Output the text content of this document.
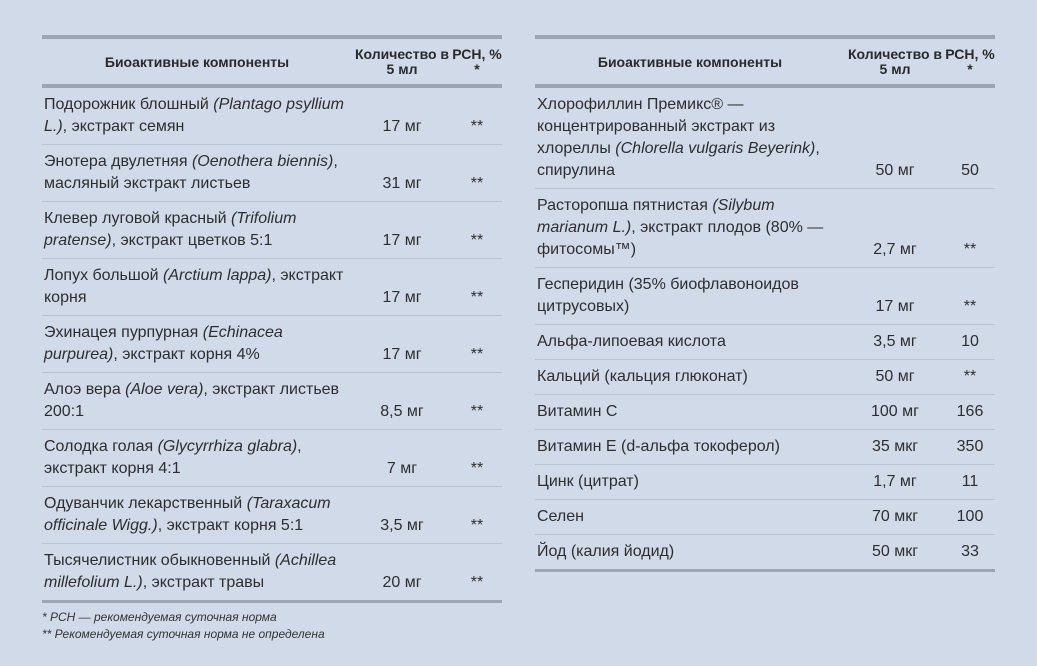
Биоактивные компоненты	Количество в 5 мл	РСН, % *
Подорожник блошный (Plantago psyllium L.), экстракт семян	17 мг	**
Энотера двулетняя (Oenothera biennis), масляный экстракт листьев	31 мг	**
Клевер луговой красный (Trifolium pratense), экстракт цветков 5:1	17 мг	**
Лопух большой (Arctium lappa), экстракт корня	17 мг	**
Эхинацея пурпурная (Echinacea purpurea), экстракт корня 4%	17 мг	**
Алоэ вера (Aloe vera), экстракт листьев 200:1	8,5 мг	**
Солодка голая (Glycyrrhiza glabra), экстракт корня 4:1	7 мг	**
Одуванчик лекарственный (Taraxacum officinale Wigg.), экстракт корня 5:1	3,5 мг	**
Тысячелистник обыкновенный (Achillea millefolium L.), экстракт травы	20 мг	**
Биоактивные компоненты	Количество в 5 мл	РСН, % *
Хлорофиллин Премикс® — концентрированный экстракт из хлореллы (Chlorella vulgaris Beyerink), спирулина	50 мг	50
Расторопша пятнистая (Silybum marianum L.), экстракт плодов (80% — фитосомы™)	2,7 мг	**
Гесперидин (35% биофлавоноидов цитрусовых)	17 мг	**
Альфа-липоевая кислота	3,5 мг	10
Кальций (кальция глюконат)	50 мг	**
Витамин С	100 мг	166
Витамин Е (d-альфа токоферол)	35 мкг	350
Цинк (цитрат)	1,7 мг	11
Селен	70 мкг	100
Йод (калия йодид)	50 мкг	33
* РСН — рекомендуемая суточная норма
** Рекомендуемая суточная норма не определена
